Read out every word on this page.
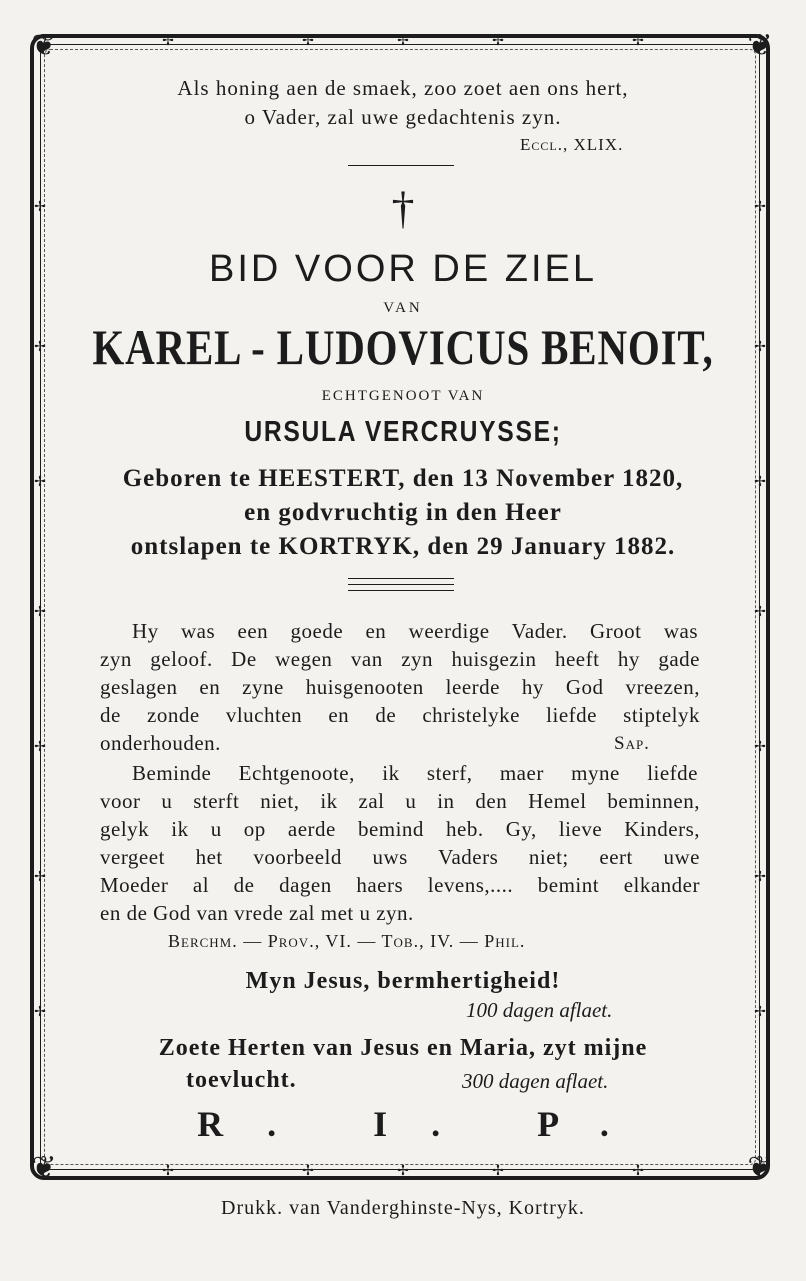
❦	❦
❦	❦
✢	✢	✢	✢	✢
✢	✢	✢	✢	✢
✢
✢
✢
✢
✢
✢
✢
✢
✢
✢
✢
✢
✢
✢
Als honing aen de smaek, zoo zoet aen ons hert,
o Vader, zal uwe gedachtenis zyn.
Eccl., XLIX.
†
BID VOOR DE ZIEL
VAN
KAREL - LUDOVICUS BENOIT,
ECHTGENOOT VAN
URSULA VERCRUYSSE;
Geboren te HEESTERT, den 13 November 1820,
en godvruchtig in den Heer
ontslapen te KORTRYK, den 29 January 1882.
Hy was een goede en weerdige Vader. Groot was
zyn geloof. De wegen van zyn huisgezin heeft hy gade
geslagen en zyne huisgenooten leerde hy God vreezen,
de zonde vluchten en de christelyke liefde stiptelyk
onderhouden.	Sap.
Beminde Echtgenoote, ik sterf, maer myne liefde
voor u sterft niet, ik zal u in den Hemel beminnen,
gelyk ik u op aerde bemind heb. Gy, lieve Kinders,
vergeet het voorbeeld uws Vaders niet; eert uwe
Moeder al de dagen haers levens,.... bemint elkander
en de God van vrede zal met u zyn.
Berchm. — Prov., VI. — Tob., IV. — Phil.
Myn Jesus, bermhertigheid!
100 dagen aflaet.
Zoete Herten van Jesus en Maria, zyt mijne
toevlucht.	300 dagen aflaet.
R. I. P.
Drukk. van Vanderghinste-Nys, Kortryk.
